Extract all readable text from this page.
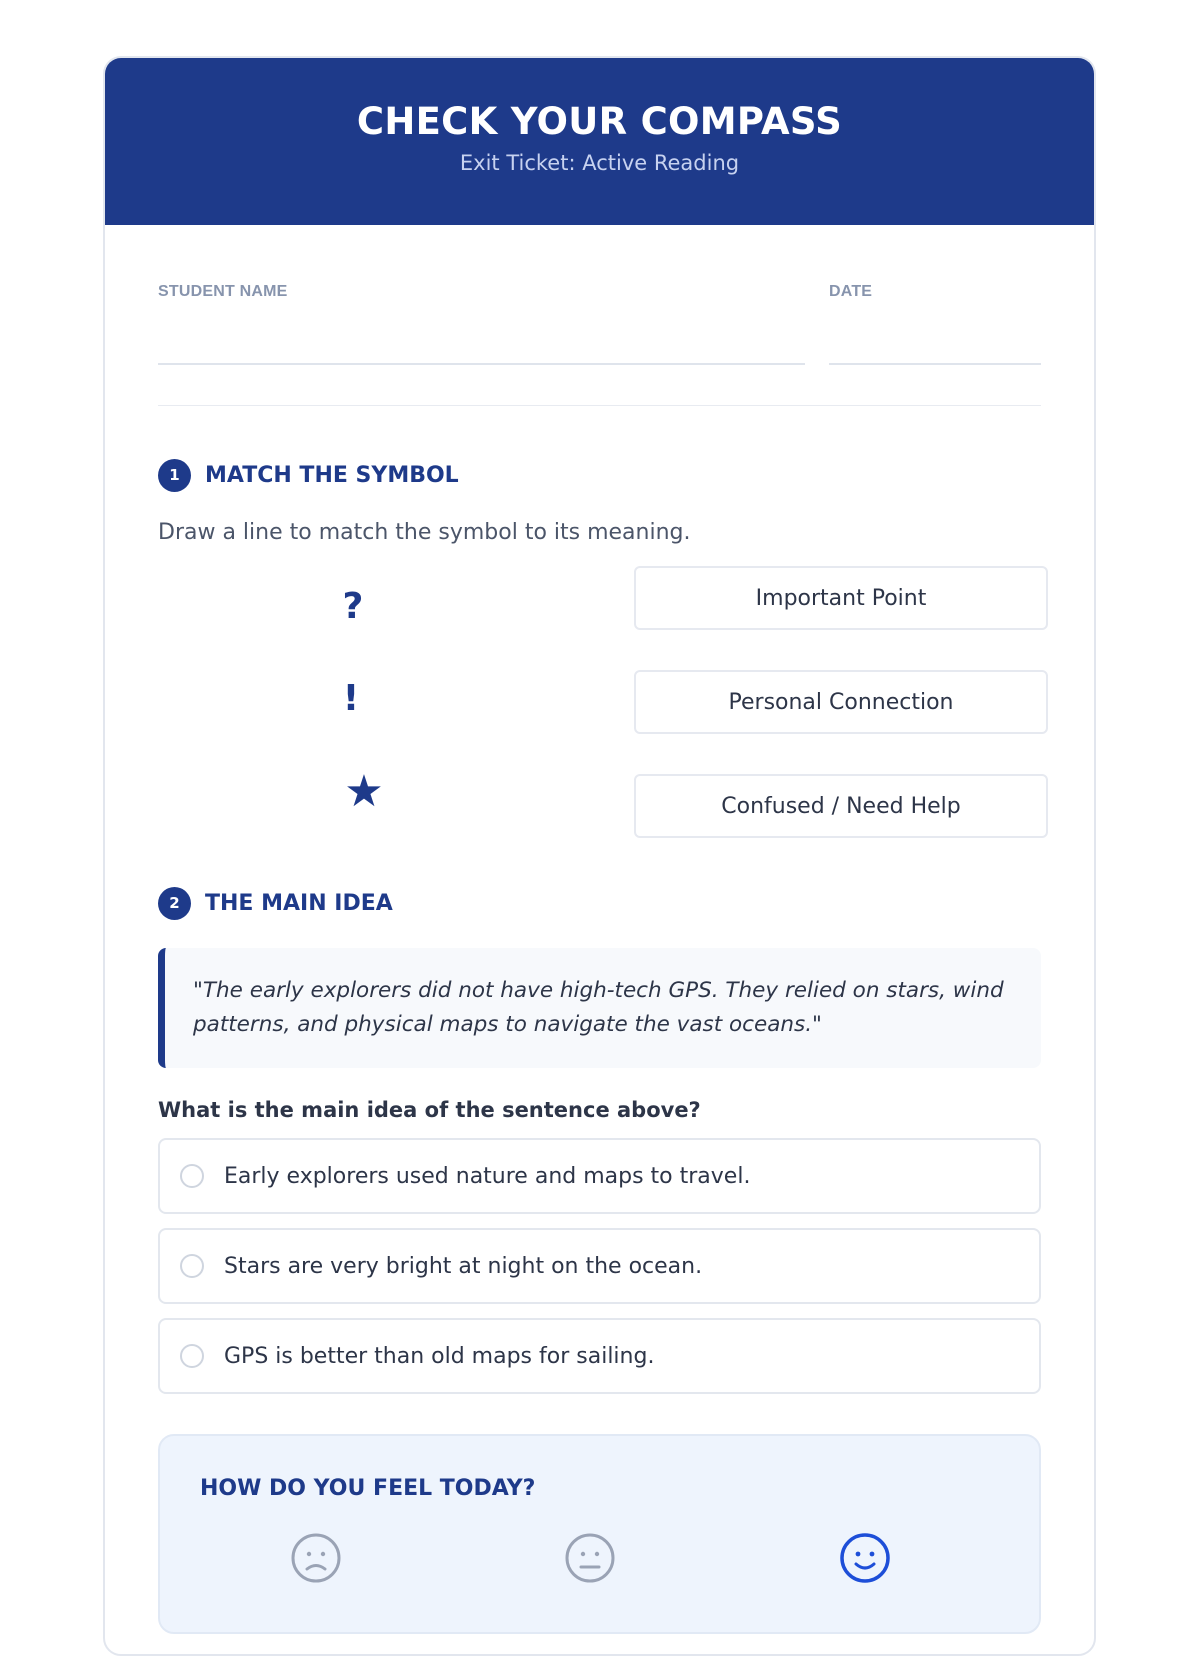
CHECK YOUR COMPASS
Exit Ticket: Active Reading
STUDENT NAME	DATE
1	MATCH THE SYMBOL
Draw a line to match the symbol to its meaning.
?
!
★
Important Point
Personal Connection
Confused / Need Help
2	THE MAIN IDEA
"The early explorers did not have high-tech GPS. They relied on stars, wind patterns, and physical maps to navigate the vast oceans."
What is the main idea of the sentence above?
Early explorers used nature and maps to travel.
Stars are very bright at night on the ocean.
GPS is better than old maps for sailing.
HOW DO YOU FEEL TODAY?
